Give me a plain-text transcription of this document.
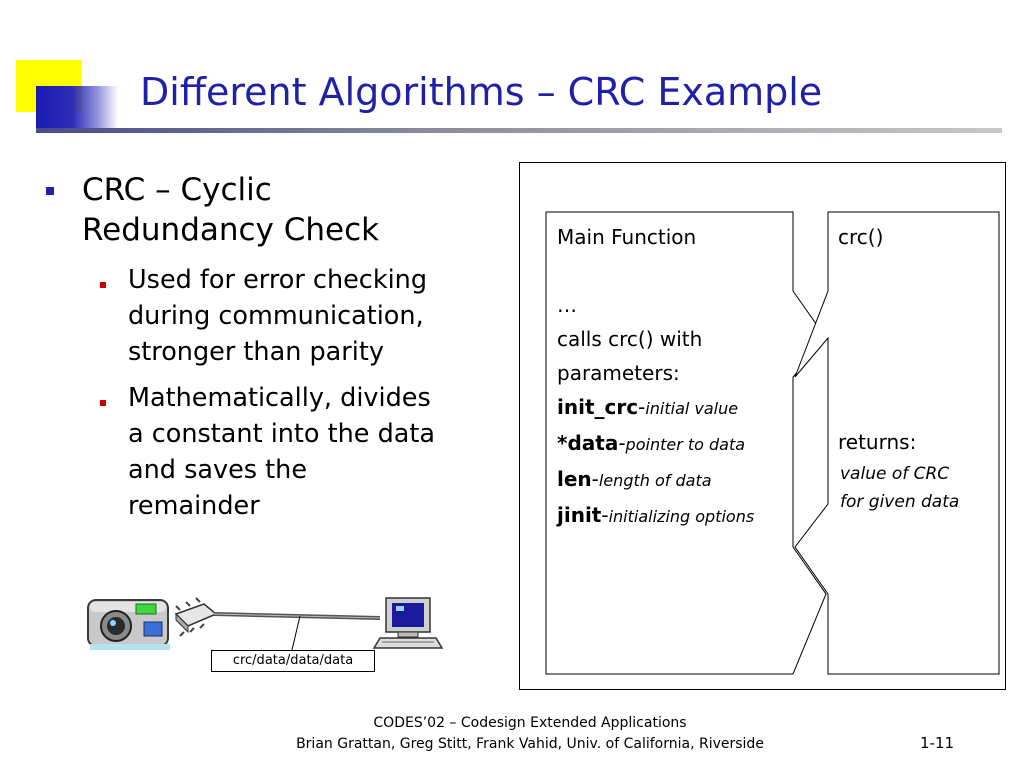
Different Algorithms – CRC Example
CRC – Cyclic
Redundancy Check
Used for error checking
during communication,
stronger than parity
Mathematically, divides
a constant into the data
and saves the
remainder
crc/data/data/data
Main Function
…
calls crc() with
parameters:
init_crc-initial value
*data-pointer to data
len-length of data
jinit-initializing options
crc()
returns:
value of CRC
for given data
CODES’02 – Codesign Extended Applications
Brian Grattan, Greg Stitt, Frank Vahid, Univ. of California, Riverside	1-11
